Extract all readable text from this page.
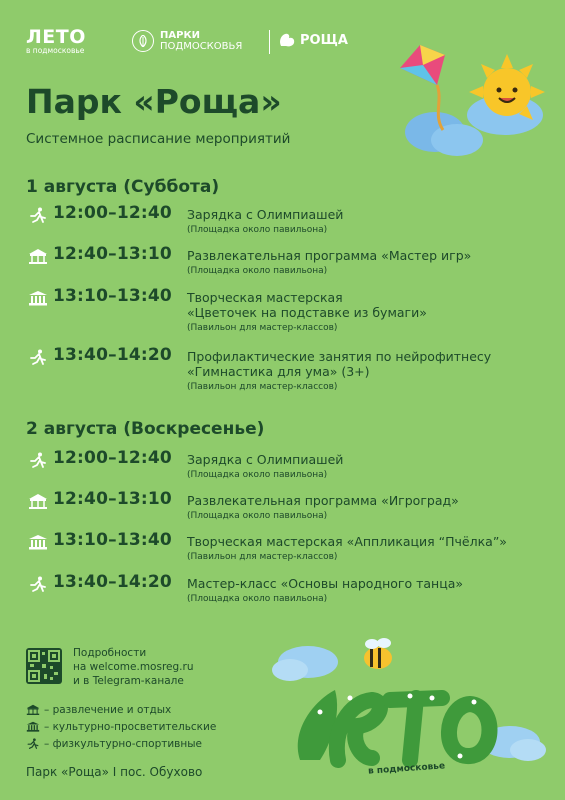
ЛЕТО
в подмосковье
ПАРКИ
ПОДМОСКОВЬЯ	РОЩА
Парк «Роща»
Системное расписание мероприятий
1 августа (Суббота)
12:00–12:40 Зарядка с Олимпиашей
(Площадка около павильона)
12:40–13:10 Развлекательная программа «Мастер игр»
(Площадка около павильона)
13:10–13:40 Творческая мастерская
«Цветочек на подставке из бумаги»
(Павильон для мастер-классов)
13:40–14:20 Профилактические занятия по нейрофитнесу
«Гимнастика для ума» (3+)
(Павильон для мастер-классов)
2 августа (Воскресенье)
12:00–12:40 Зарядка с Олимпиашей
(Площадка около павильона)
12:40–13:10 Развлекательная программа «Игроград»
(Площадка около павильона)
13:10–13:40 Творческая мастерская «Аппликация “Пчёлка”»
(Павильон для мастер-классов)
13:40–14:20 Мастер-класс «Основы народного танца»
(Площадка около павильона)
Подробности
на welcome.mosreg.ru
и в Telegram-канале
– развлечение и отдых
– культурно-просветительские
– физкультурно-спортивные
Парк «Роща» I пос. Обухово	в подмосковье
